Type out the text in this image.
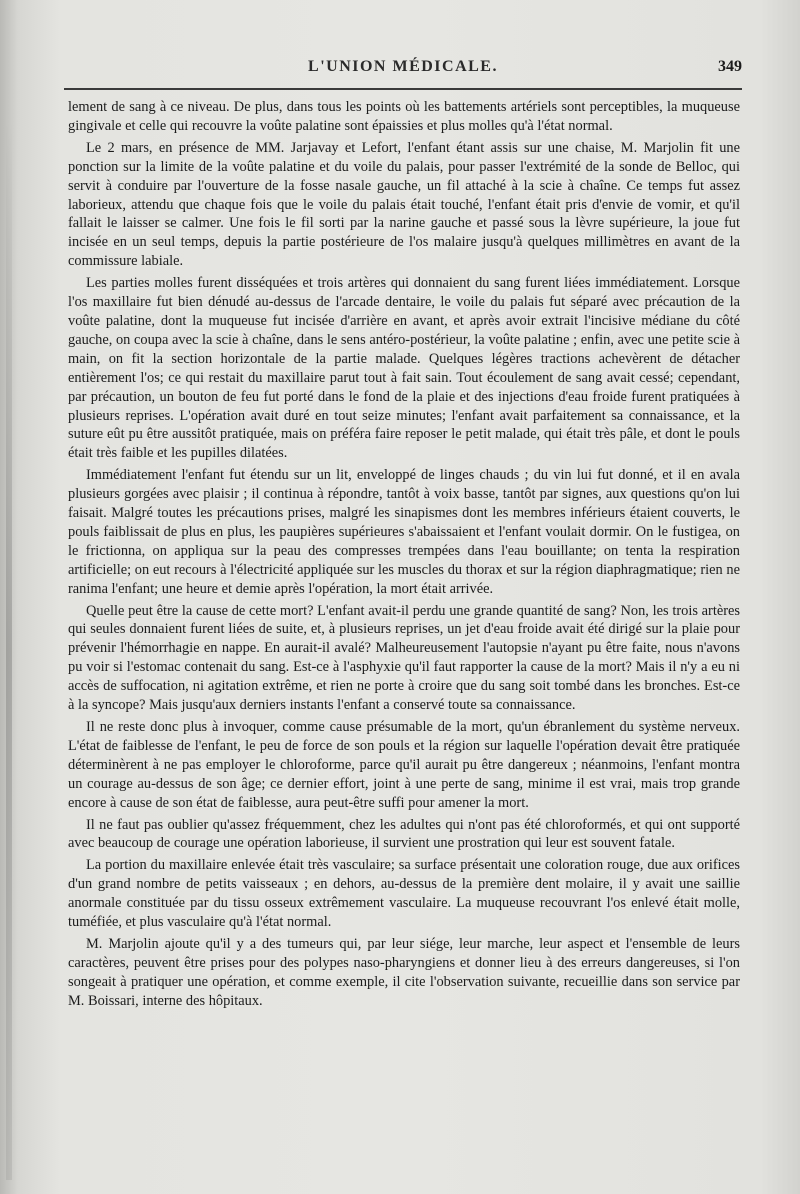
L'UNION MÉDICALE.	349

lement de sang à ce niveau. De plus, dans tous les points où les battements artériels sont perceptibles, la muqueuse gingivale et celle qui recouvre la voûte palatine sont épaissies et plus molles qu'à l'état normal.

Le 2 mars, en présence de MM. Jarjavay et Lefort, l'enfant étant assis sur une chaise, M. Marjolin fit une ponction sur la limite de la voûte palatine et du voile du palais, pour passer l'extrémité de la sonde de Belloc, qui servit à conduire par l'ouverture de la fosse nasale gauche, un fil attaché à la scie à chaîne. Ce temps fut assez laborieux, attendu que chaque fois que le voile du palais était touché, l'enfant était pris d'envie de vomir, et qu'il fallait le laisser se calmer. Une fois le fil sorti par la narine gauche et passé sous la lèvre supérieure, la joue fut incisée en un seul temps, depuis la partie postérieure de l'os malaire jusqu'à quelques millimètres en avant de la commissure labiale.

Les parties molles furent disséquées et trois artères qui donnaient du sang furent liées immédiatement. Lorsque l'os maxillaire fut bien dénudé au-dessus de l'arcade dentaire, le voile du palais fut séparé avec précaution de la voûte palatine, dont la muqueuse fut incisée d'arrière en avant, et après avoir extrait l'incisive médiane du côté gauche, on coupa avec la scie à chaîne, dans le sens antéro-postérieur, la voûte palatine ; enfin, avec une petite scie à main, on fit la section horizontale de la partie malade. Quelques légères tractions achevèrent de détacher entièrement l'os; ce qui restait du maxillaire parut tout à fait sain. Tout écoulement de sang avait cessé; cependant, par précaution, un bouton de feu fut porté dans le fond de la plaie et des injections d'eau froide furent pratiquées à plusieurs reprises. L'opération avait duré en tout seize minutes; l'enfant avait parfaitement sa connaissance, et la suture eût pu être aussitôt pratiquée, mais on préféra faire reposer le petit malade, qui était très pâle, et dont le pouls était très faible et les pupilles dilatées.

Immédiatement l'enfant fut étendu sur un lit, enveloppé de linges chauds ; du vin lui fut donné, et il en avala plusieurs gorgées avec plaisir ; il continua à répondre, tantôt à voix basse, tantôt par signes, aux questions qu'on lui faisait. Malgré toutes les précautions prises, malgré les sinapismes dont les membres inférieurs étaient couverts, le pouls faiblissait de plus en plus, les paupières supérieures s'abaissaient et l'enfant voulait dormir. On le fustigea, on le frictionna, on appliqua sur la peau des compresses trempées dans l'eau bouillante; on tenta la respiration artificielle; on eut recours à l'électricité appliquée sur les muscles du thorax et sur la région diaphragmatique; rien ne ranima l'enfant; une heure et demie après l'opération, la mort était arrivée.

Quelle peut être la cause de cette mort? L'enfant avait-il perdu une grande quantité de sang? Non, les trois artères qui seules donnaient furent liées de suite, et, à plusieurs reprises, un jet d'eau froide avait été dirigé sur la plaie pour prévenir l'hémorrhagie en nappe. En aurait-il avalé? Malheureusement l'autopsie n'ayant pu être faite, nous n'avons pu voir si l'estomac contenait du sang. Est-ce à l'asphyxie qu'il faut rapporter la cause de la mort? Mais il n'y a eu ni accès de suffocation, ni agitation extrême, et rien ne porte à croire que du sang soit tombé dans les bronches. Est-ce à la syncope? Mais jusqu'aux derniers instants l'enfant a conservé toute sa connaissance.

Il ne reste donc plus à invoquer, comme cause présumable de la mort, qu'un ébranlement du système nerveux. L'état de faiblesse de l'enfant, le peu de force de son pouls et la région sur laquelle l'opération devait être pratiquée déterminèrent à ne pas employer le chloroforme, parce qu'il aurait pu être dangereux ; néanmoins, l'enfant montra un courage au-dessus de son âge; ce dernier effort, joint à une perte de sang, minime il est vrai, mais trop grande encore à cause de son état de faiblesse, aura peut-être suffi pour amener la mort.

Il ne faut pas oublier qu'assez fréquemment, chez les adultes qui n'ont pas été chloroformés, et qui ont supporté avec beaucoup de courage une opération laborieuse, il survient une prostration qui leur est souvent fatale.

La portion du maxillaire enlevée était très vasculaire; sa surface présentait une coloration rouge, due aux orifices d'un grand nombre de petits vaisseaux ; en dehors, au-dessus de la première dent molaire, il y avait une saillie anormale constituée par du tissu osseux extrêmement vasculaire. La muqueuse recouvrant l'os enlevé était molle, tuméfiée, et plus vasculaire qu'à l'état normal.

M. Marjolin ajoute qu'il y a des tumeurs qui, par leur siége, leur marche, leur aspect et l'ensemble de leurs caractères, peuvent être prises pour des polypes naso-pharyngiens et donner lieu à des erreurs dangereuses, si l'on songeait à pratiquer une opération, et comme exemple, il cite l'observation suivante, recueillie dans son service par M. Boissari, interne des hôpitaux.
